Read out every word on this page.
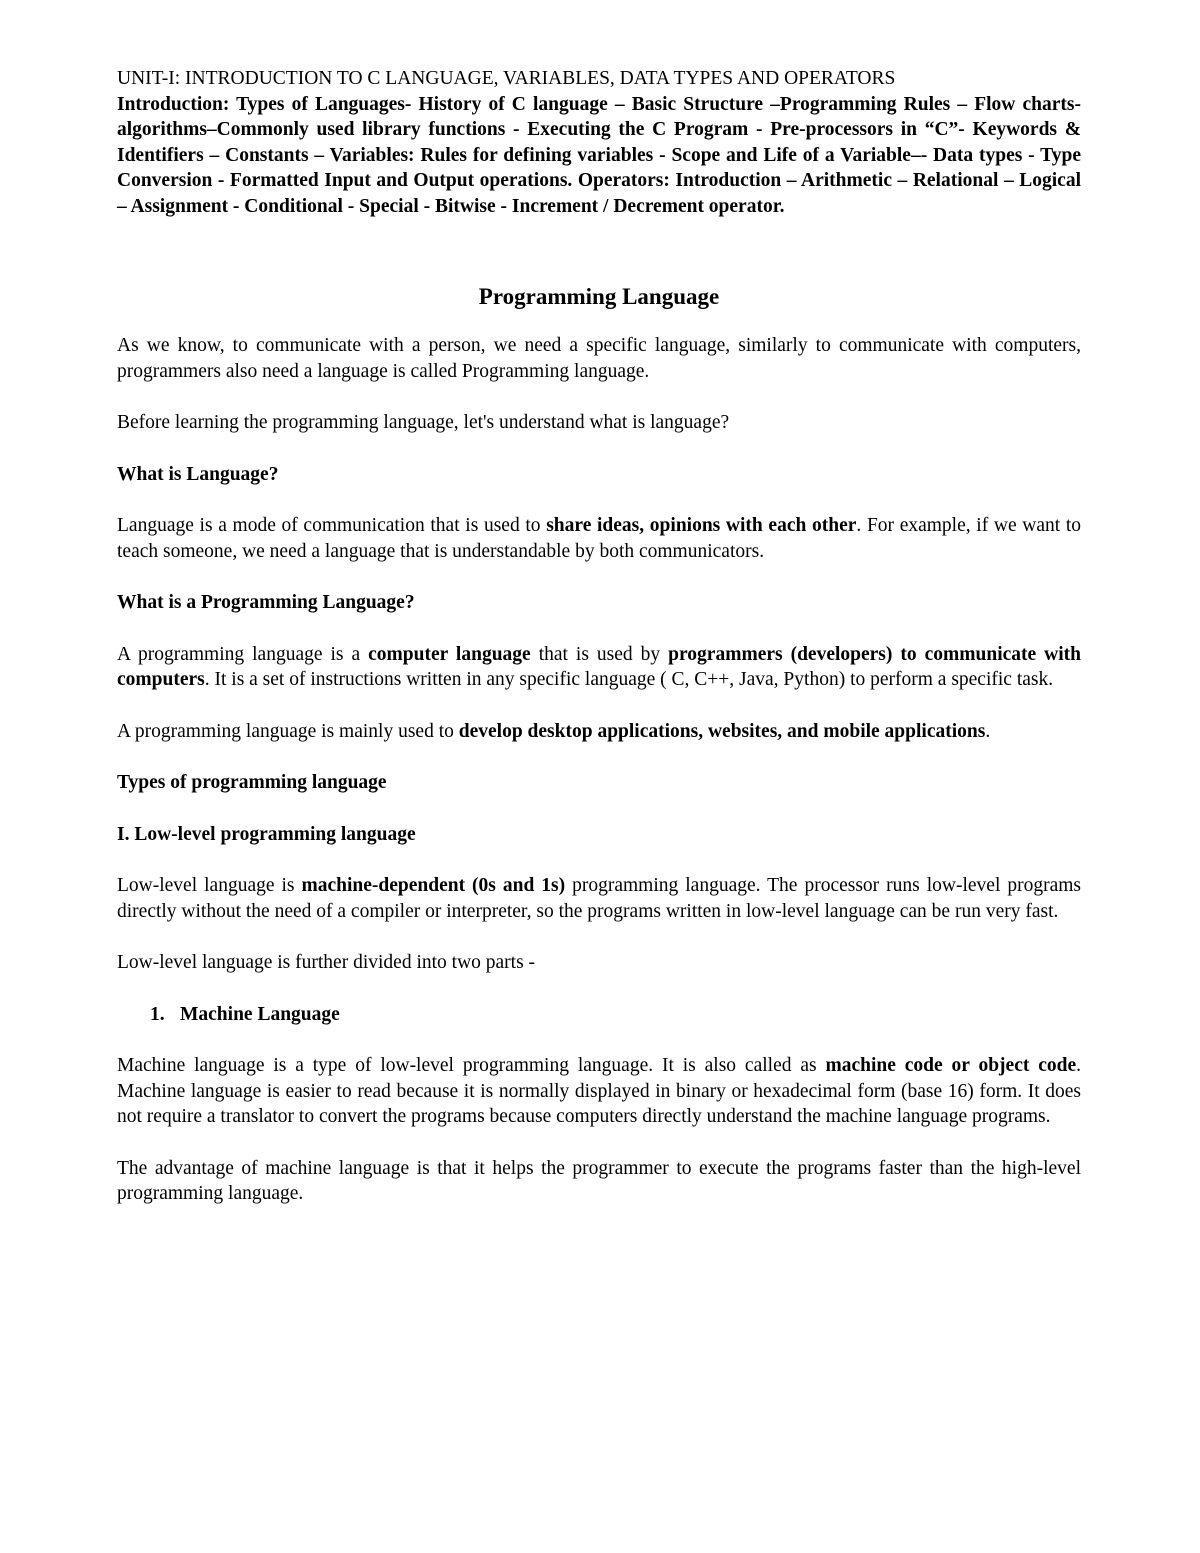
UNIT-I: INTRODUCTION TO C LANGUAGE, VARIABLES, DATA TYPES AND OPERATORS

Introduction: Types of Languages- History of C language – Basic Structure –Programming Rules – Flow charts-algorithms–Commonly used library functions - Executing the C Program - Pre-processors in “C”- Keywords & Identifiers – Constants – Variables: Rules for defining variables - Scope and Life of a Variable–- Data types - Type Conversion - Formatted Input and Output operations. Operators: Introduction – Arithmetic – Relational – Logical – Assignment - Conditional - Special - Bitwise - Increment / Decrement operator.

Programming Language

As we know, to communicate with a person, we need a specific language, similarly to communicate with computers, programmers also need a language is called Programming language.

Before learning the programming language, let's understand what is language?

What is Language?

Language is a mode of communication that is used to share ideas, opinions with each other. For example, if we want to teach someone, we need a language that is understandable by both communicators.

What is a Programming Language?

A programming language is a computer language that is used by programmers (developers) to communicate with computers. It is a set of instructions written in any specific language ( C, C++, Java, Python) to perform a specific task.

A programming language is mainly used to develop desktop applications, websites, and mobile applications.

Types of programming language
I. Low-level programming language

Low-level language is machine-dependent (0s and 1s) programming language. The processor runs low-level programs directly without the need of a compiler or interpreter, so the programs written in low-level language can be run very fast.

Low-level language is further divided into two parts -

1. Machine Language

Machine language is a type of low-level programming language. It is also called as machine code or object code. Machine language is easier to read because it is normally displayed in binary or hexadecimal form (base 16) form. It does not require a translator to convert the programs because computers directly understand the machine language programs.

The advantage of machine language is that it helps the programmer to execute the programs faster than the high-level programming language.
